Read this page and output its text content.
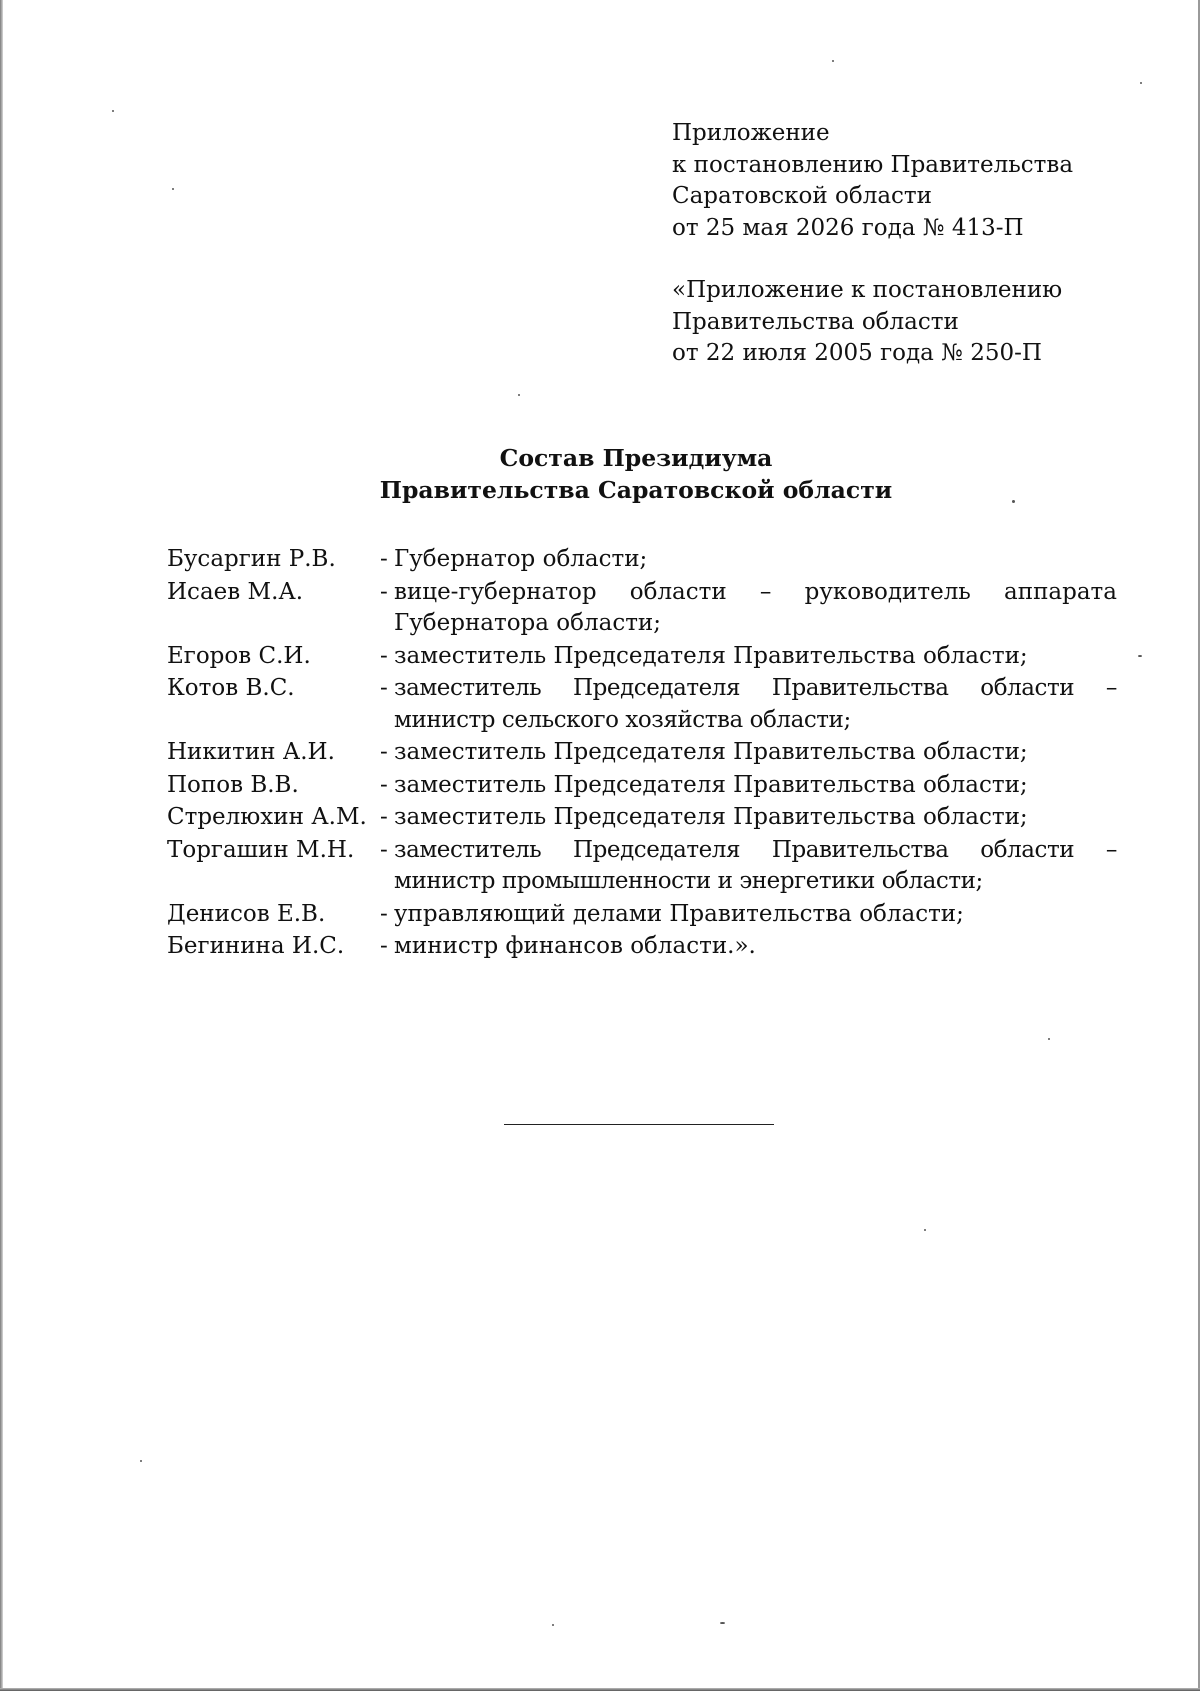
Приложение
к постановлению Правительства
Саратовской области
от 25 мая 2026 года № 413-П
«Приложение к постановлению
Правительства области
от 22 июля 2005 года № 250-П
Состав Президиума
Правительства Саратовской области
Бусаргин Р.В.	- Губернатор области;
Исаев М.А.	- вице-губернатор области – руководитель аппарата Губернатора области;
Егоров С.И.	- заместитель Председателя Правительства области;
Котов В.С.	- заместитель Председателя Правительства области – министр сельского хозяйства области;
Никитин А.И.	- заместитель Председателя Правительства области;
Попов В.В.	- заместитель Председателя Правительства области;
Стрелюхин А.М. - заместитель Председателя Правительства области;
Торгашин М.Н.	- заместитель Председателя Правительства области – министр промышленности и энергетики области;
Денисов Е.В.	- управляющий делами Правительства области;
Бегинина И.С.	- министр финансов области.».
